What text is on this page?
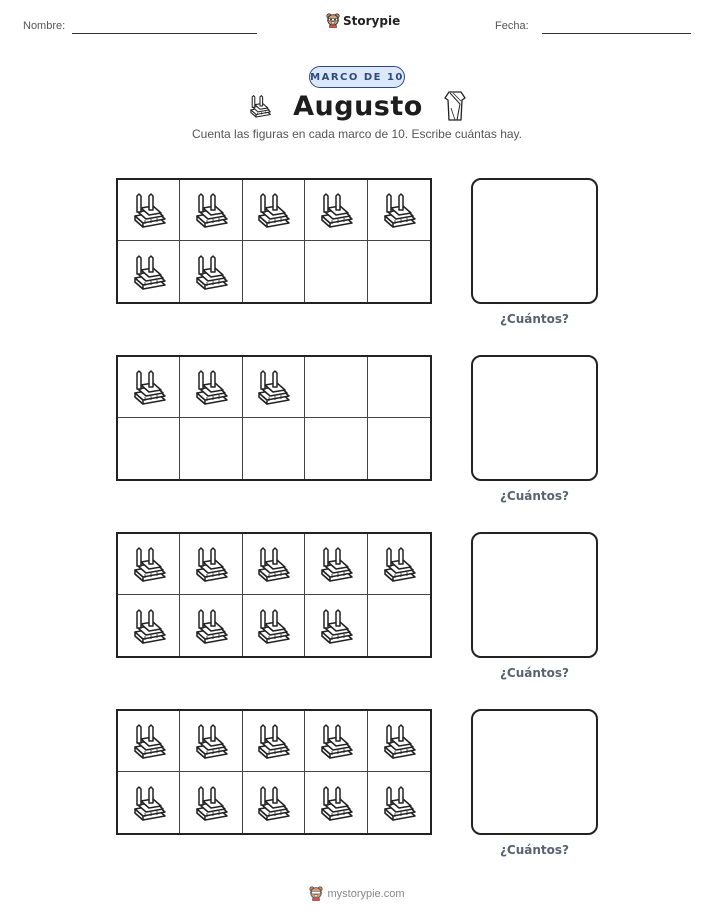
Nombre:	Storypie	Fecha:
MARCO DE 10
Augusto
Cuenta las figuras en cada marco de 10. Escribe cuántas hay.
¿Cuántos?
¿Cuántos?
¿Cuántos?
¿Cuántos?
mystorypie.com
